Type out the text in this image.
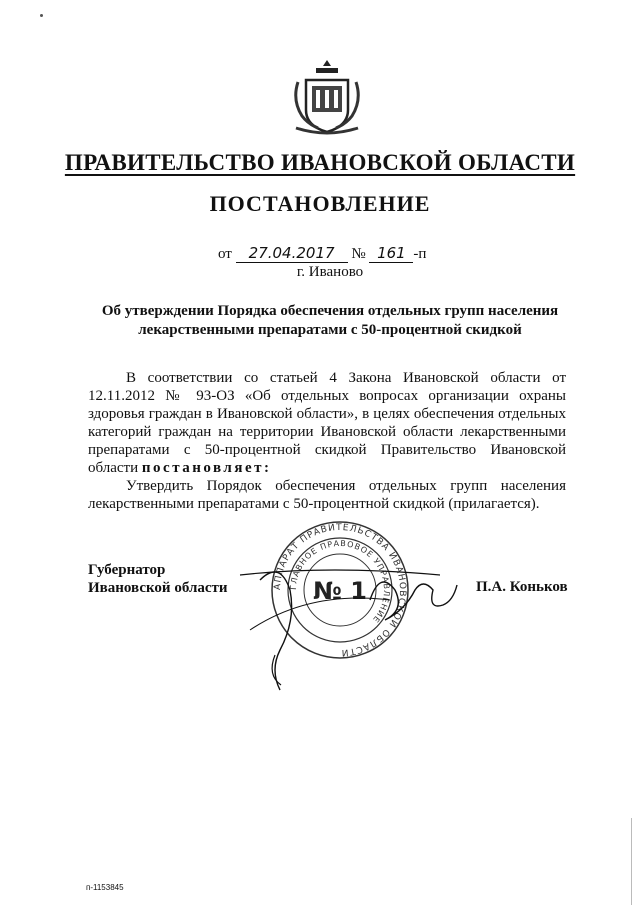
ПРАВИТЕЛЬСТВО ИВАНОВСКОЙ ОБЛАСТИ
ПОСТАНОВЛЕНИЕ
от 27.04.2017 № 161 -п
г. Иваново
Об утверждении Порядка обеспечения отдельных групп населения
лекарственными препаратами с 50-процентной скидкой

В соответствии со статьей 4 Закона Ивановской области от 12.11.2012 № 93-ОЗ «Об отдельных вопросах организации охраны здоровья граждан в Ивановской области», в целях обеспечения отдельных категорий граждан на территории Ивановской области лекарственными препаратами с 50-процентной скидкой Правительство Ивановской области постановляет:

Утвердить Порядок обеспечения отдельных групп населения лекарственными препаратами с 50-процентной скидкой (прилагается).

Губернатор
Ивановской области	П.А. Коньков
АППАРАТ ПРАВИТЕЛЬСТВА ИВАНОВСКОЙ ОБЛАСТИ
ГЛАВНОЕ ПРАВОВОЕ УПРАВЛЕНИЕ
№ 1
п-1153845
